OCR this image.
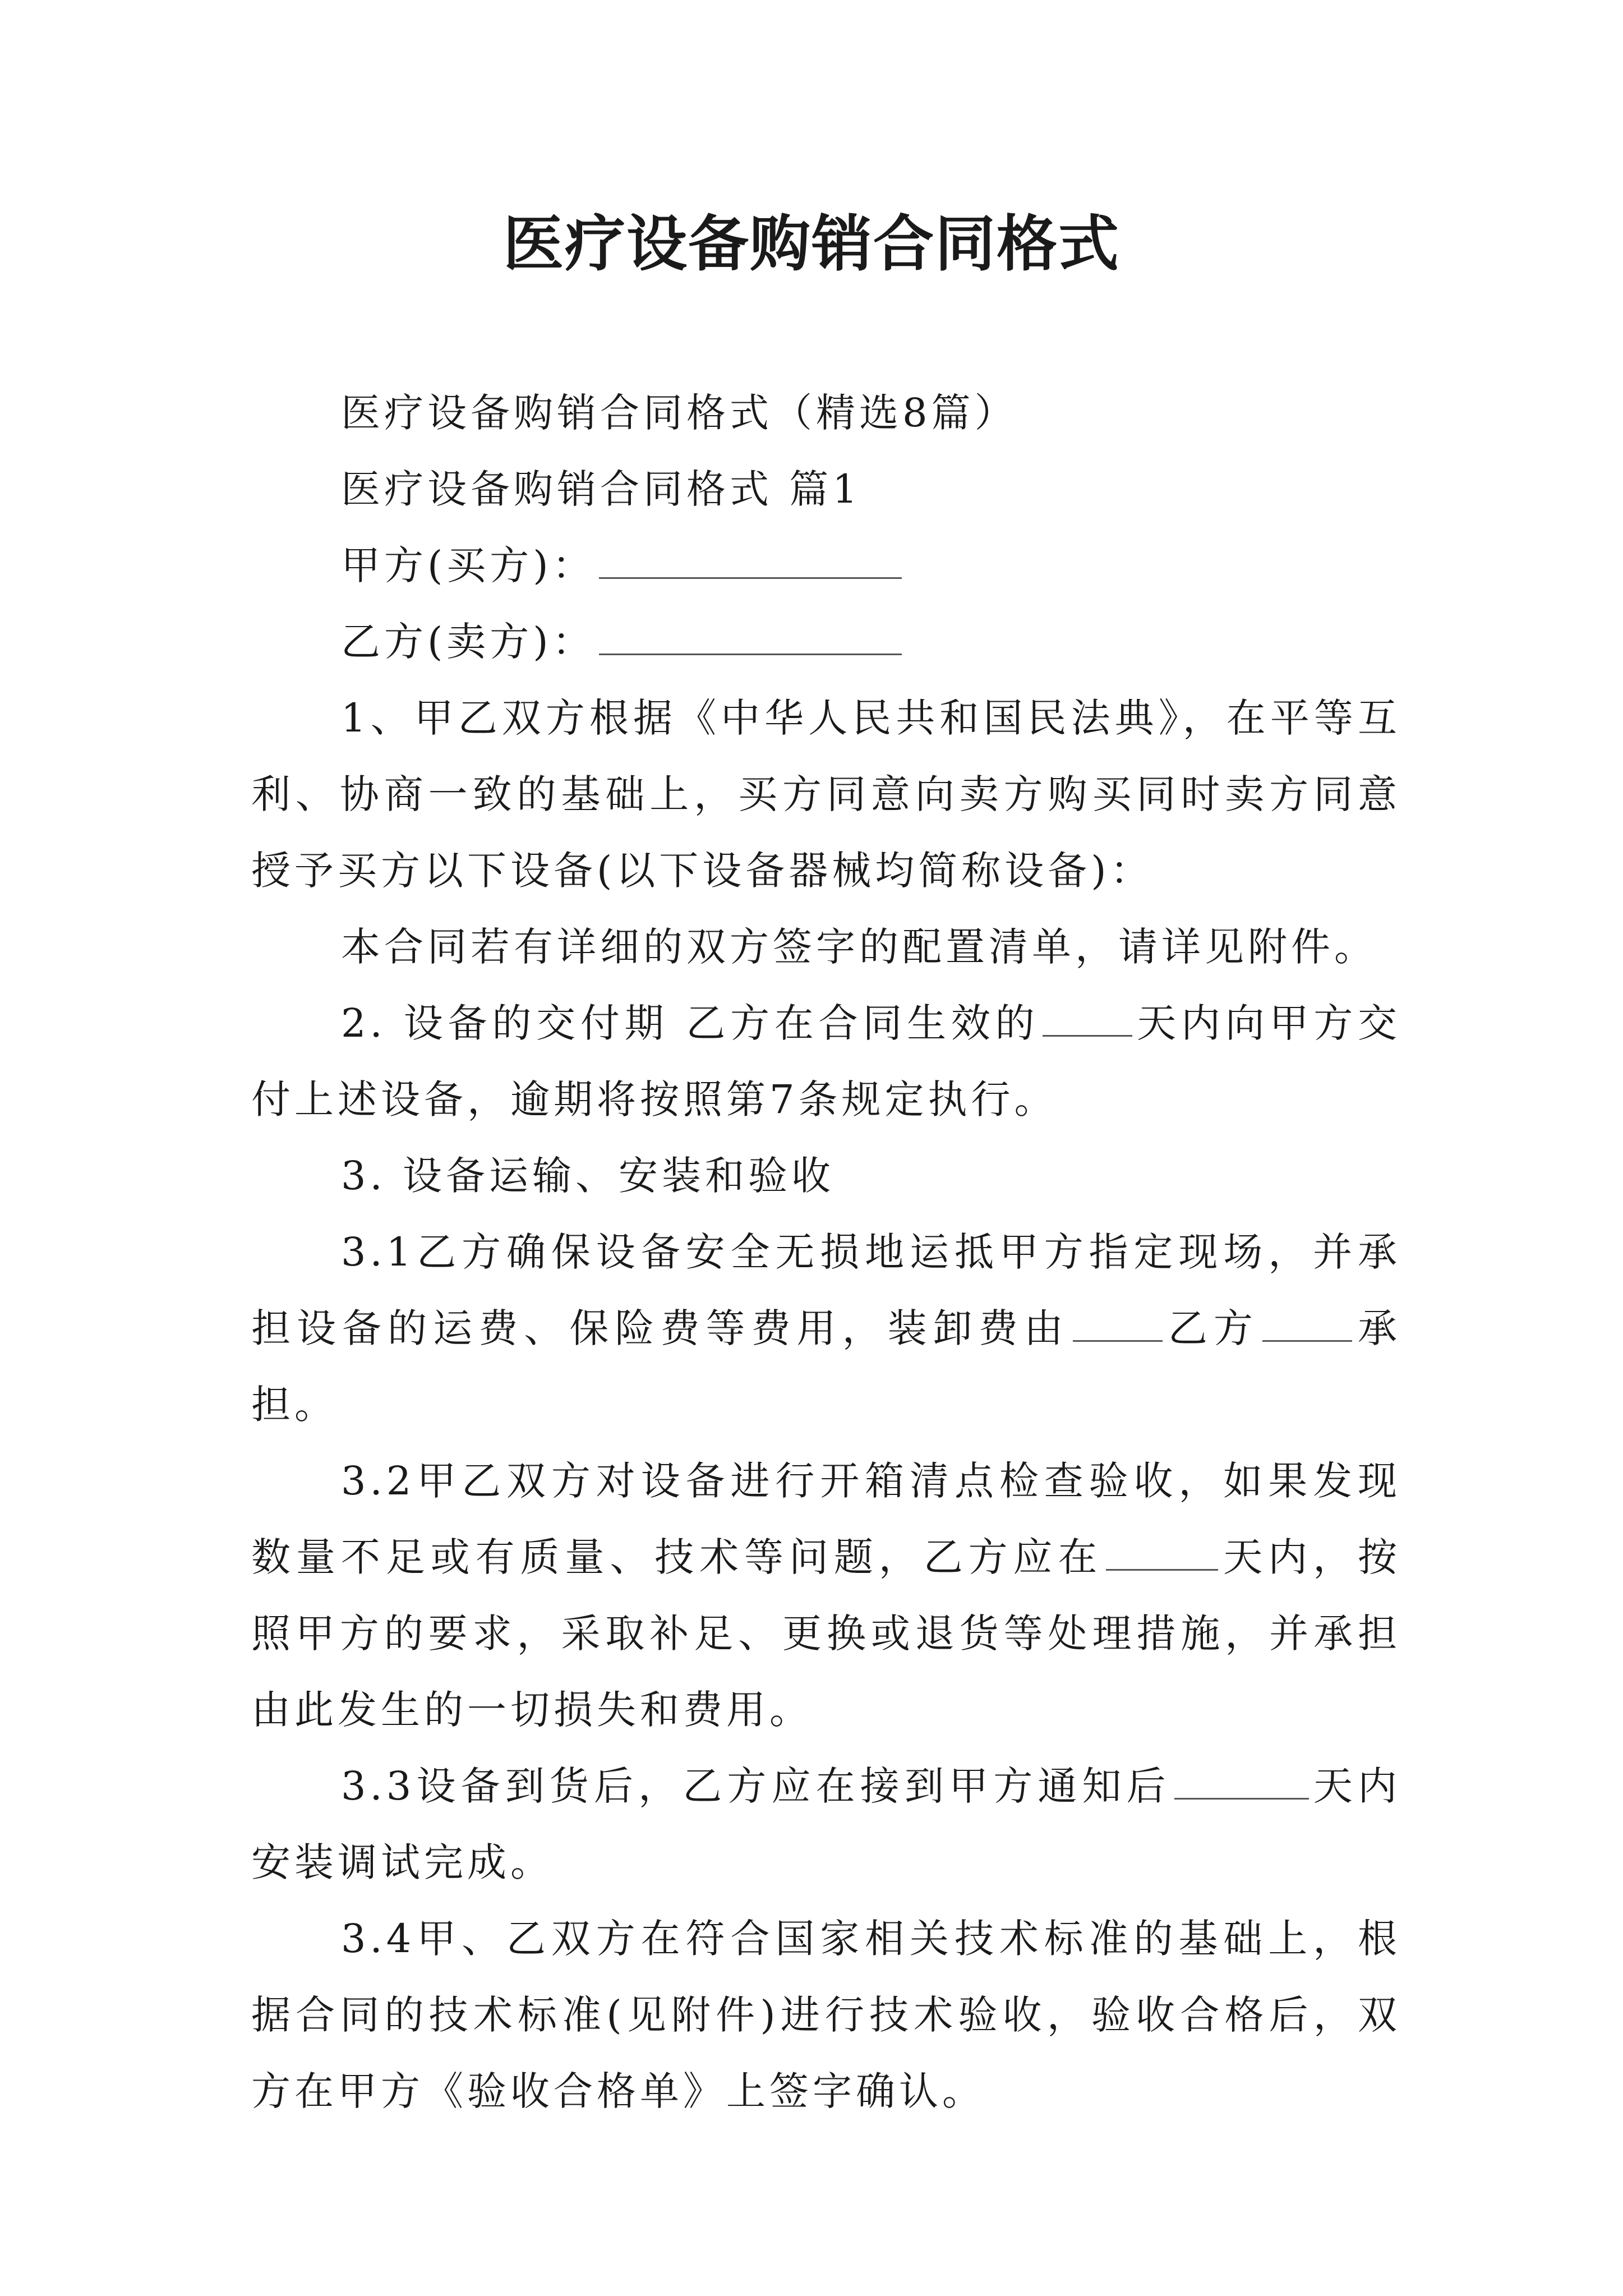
医疗设备购销合同格式

医疗设备购销合同格式（精选8篇）

医疗设备购销合同格式 篇1

甲方(买方)：

乙方(卖方)：

1、甲乙双方根据《中华人民共和国民法典》，在平等互利、协商一致的基础上，买方同意向卖方购买同时卖方同意授予买方以下设备(以下设备器械均简称设备)：

本合同若有详细的双方签字的配置清单，请详见附件。

2. 设备的交付期 乙方在合同生效的 天内向甲方交付上述设备，逾期将按照第7条规定执行。

3. 设备运输、安装和验收

3.1乙方确保设备安全无损地运抵甲方指定现场，并承担设备的运费、保险费等费用，装卸费由 乙方 承担。

3.2甲乙双方对设备进行开箱清点检查验收，如果发现数量不足或有质量、技术等问题，乙方应在	天内，按照甲方的要求，采取补足、更换或退货等处理措施，并承担由此发生的一切损失和费用。

3.3设备到货后，乙方应在接到甲方通知后	天内安装调试完成。

3.4甲、乙双方在符合国家相关技术标准的基础上，根据合同的技术标准(见附件)进行技术验收，验收合格后，双方在甲方《验收合格单》上签字确认。
